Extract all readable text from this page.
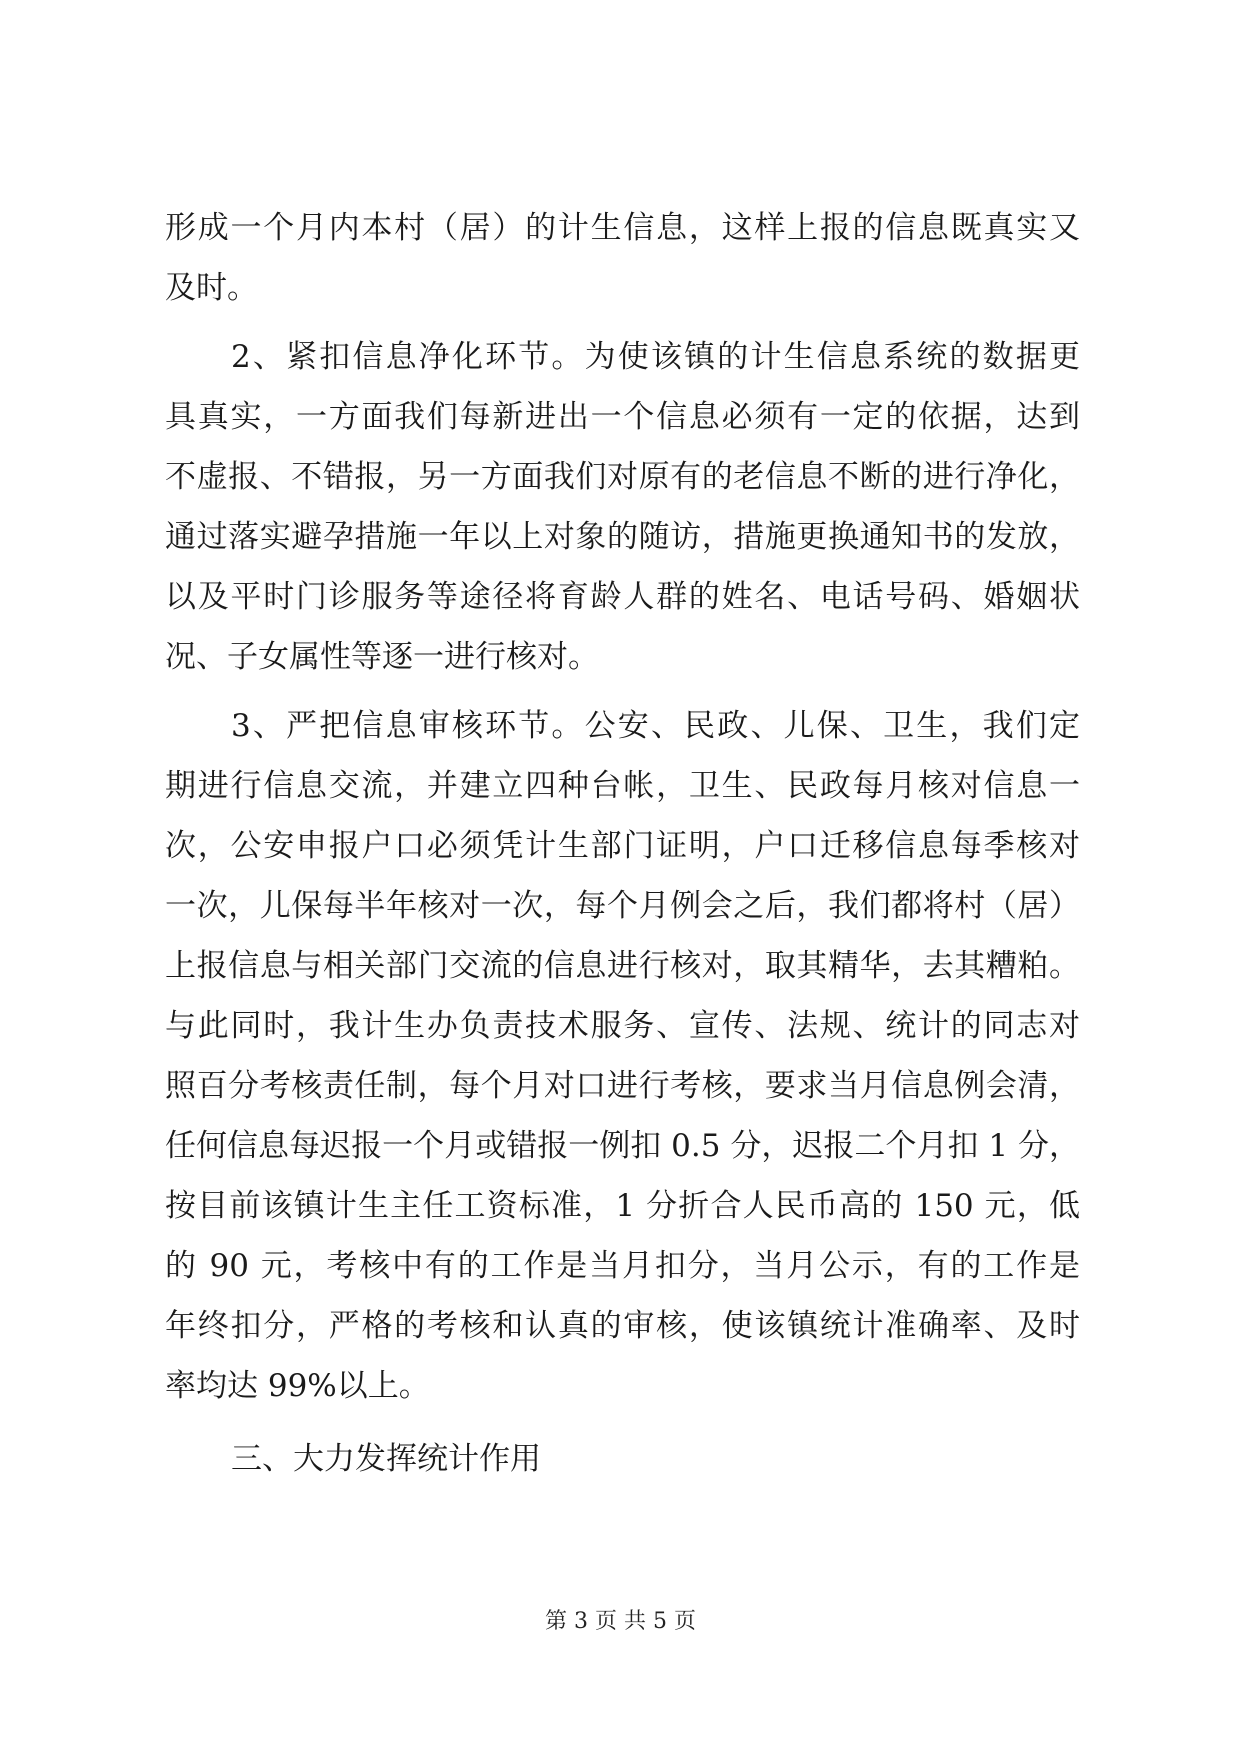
形成一个月内本村（居）的计生信息，这样上报的信息既真实又
及时。
2、紧扣信息净化环节。为使该镇的计生信息系统的数据更
具真实，一方面我们每新进出一个信息必须有一定的依据，达到
不虚报、不错报，另一方面我们对原有的老信息不断的进行净化，
通过落实避孕措施一年以上对象的随访，措施更换通知书的发放，
以及平时门诊服务等途径将育龄人群的姓名、电话号码、婚姻状
况、子女属性等逐一进行核对。
3、严把信息审核环节。公安、民政、儿保、卫生，我们定
期进行信息交流，并建立四种台帐，卫生、民政每月核对信息一
次，公安申报户口必须凭计生部门证明，户口迁移信息每季核对
一次，儿保每半年核对一次，每个月例会之后，我们都将村（居）
上报信息与相关部门交流的信息进行核对，取其精华，去其糟粕。
与此同时，我计生办负责技术服务、宣传、法规、统计的同志对
照百分考核责任制，每个月对口进行考核，要求当月信息例会清，
任何信息每迟报一个月或错报一例扣 0.5 分，迟报二个月扣 1 分，
按目前该镇计生主任工资标准，1 分折合人民币高的 150 元，低
的 90 元，考核中有的工作是当月扣分，当月公示，有的工作是
年终扣分，严格的考核和认真的审核，使该镇统计准确率、及时
率均达 99%以上。
三、大力发挥统计作用
第 3 页 共 5 页
